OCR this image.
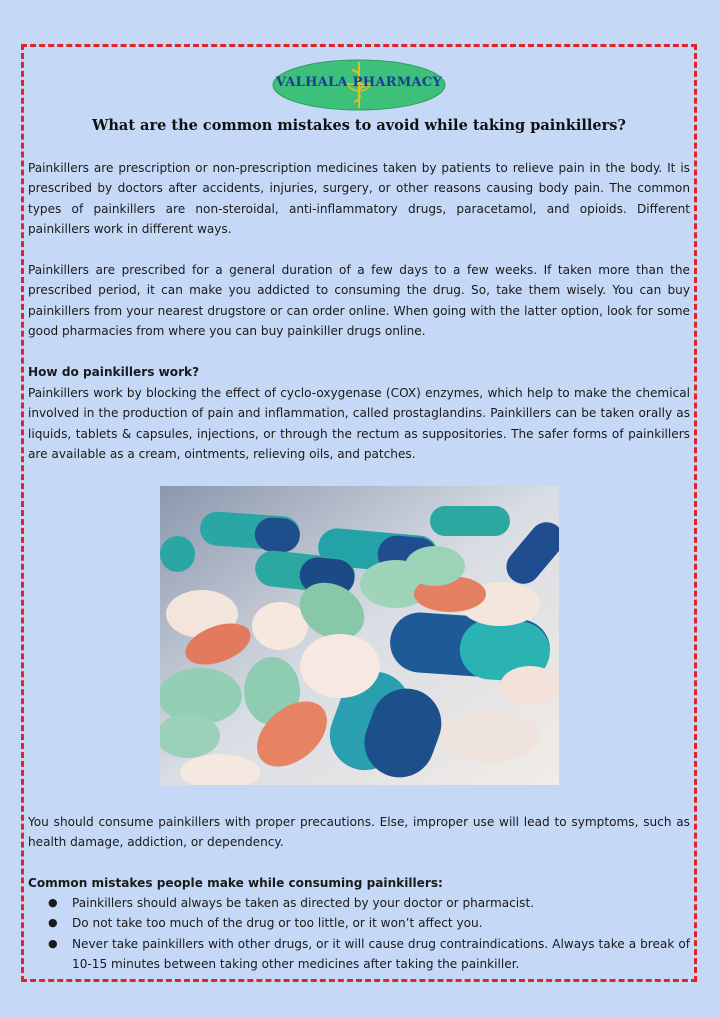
VALHALA PHARMACY
What are the common mistakes to avoid while taking painkillers?

Painkillers are prescription or non-prescription medicines taken by patients to relieve pain in the body. It is prescribed by doctors after accidents, injuries, surgery, or other reasons causing body pain. The common types of painkillers are non-steroidal, anti-inflammatory drugs, paracetamol, and opioids. Different painkillers work in different ways.

Painkillers are prescribed for a general duration of a few days to a few weeks. If taken more than the prescribed period, it can make you addicted to consuming the drug. So, take them wisely. You can buy painkillers from your nearest drugstore or can order online. When going with the latter option, look for some good pharmacies from where you can buy painkiller drugs online.

How do painkillers work?

Painkillers work by blocking the effect of cyclo-oxygenase (COX) enzymes, which help to make the chemical involved in the production of pain and inflammation, called prostaglandins. Painkillers can be taken orally as liquids, tablets & capsules, injections, or through the rectum as suppositories. The safer forms of painkillers are available as a cream, ointments, relieving oils, and patches.

You should consume painkillers with proper precautions. Else, improper use will lead to symptoms, such as health damage, addiction, or dependency.

Common mistakes people make while consuming painkillers:

● Painkillers should always be taken as directed by your doctor or pharmacist.
● Do not take too much of the drug or too little, or it won’t affect you.
● Never take painkillers with other drugs, or it will cause drug contraindications. Always take a break of 10-15 minutes between taking other medicines after taking the painkiller.
